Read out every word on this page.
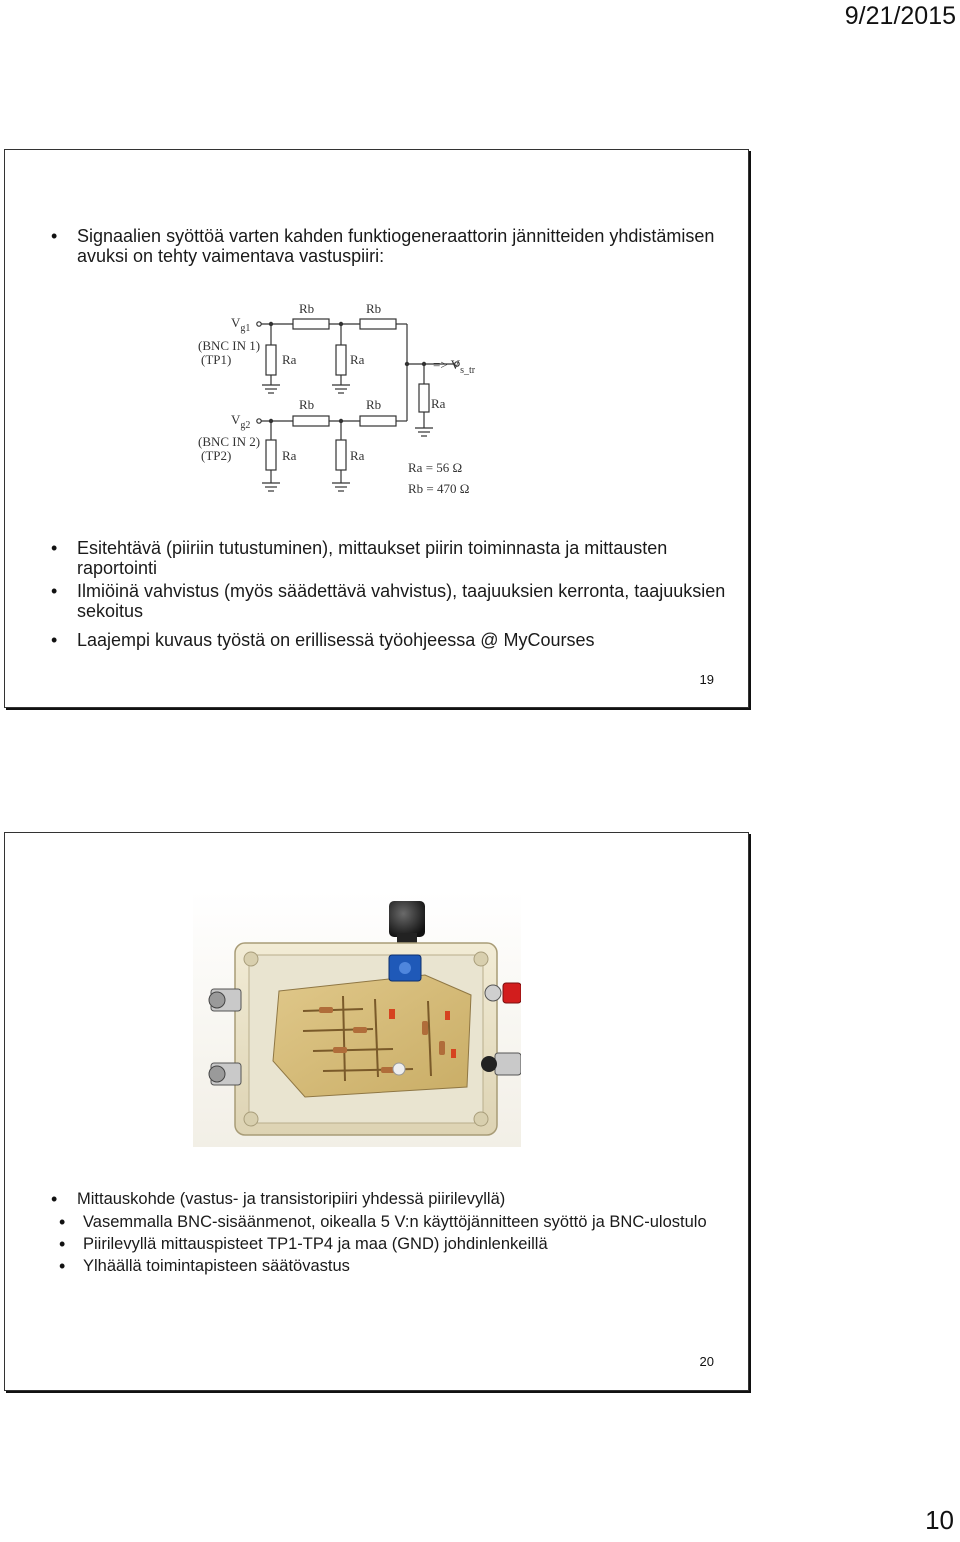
9/21/2015
• Signaalien syöttöä varten kahden funktiogeneraattorin jännitteiden yhdistämisen avuksi on tehty vaimentava vastuspiiri:
$V_{g1}$
(BNC IN 1)
(TP1)
Rb	Rb
Ra	Ra	=> $V_{s\_tr}$
Ra
$V_{g2}$
(BNC IN 2)
(TP2)
Rb	Rb
Ra	Ra
Ra = 56 Ω
Rb = 470 Ω
• Esitehtävä (piiriin tutustuminen), mittaukset piirin toiminnasta ja mittausten raportointi
• Ilmiöinä vahvistus (myös säädettävä vahvistus), taajuuksien kerronta, taajuuksien sekoitus
• Laajempi kuvaus työstä on erillisessä työohjeessa @ MyCourses
19
• Mittauskohde (vastus- ja transistoripiiri yhdessä piirilevyllä)
• Vasemmalla BNC-sisäänmenot, oikealla 5 V:n käyttöjännitteen syöttö ja BNC-ulostulo
• Piirilevyllä mittauspisteet TP1-TP4 ja maa (GND) johdinlenkeillä
• Ylhäällä toimintapisteen säätövastus
20
10
